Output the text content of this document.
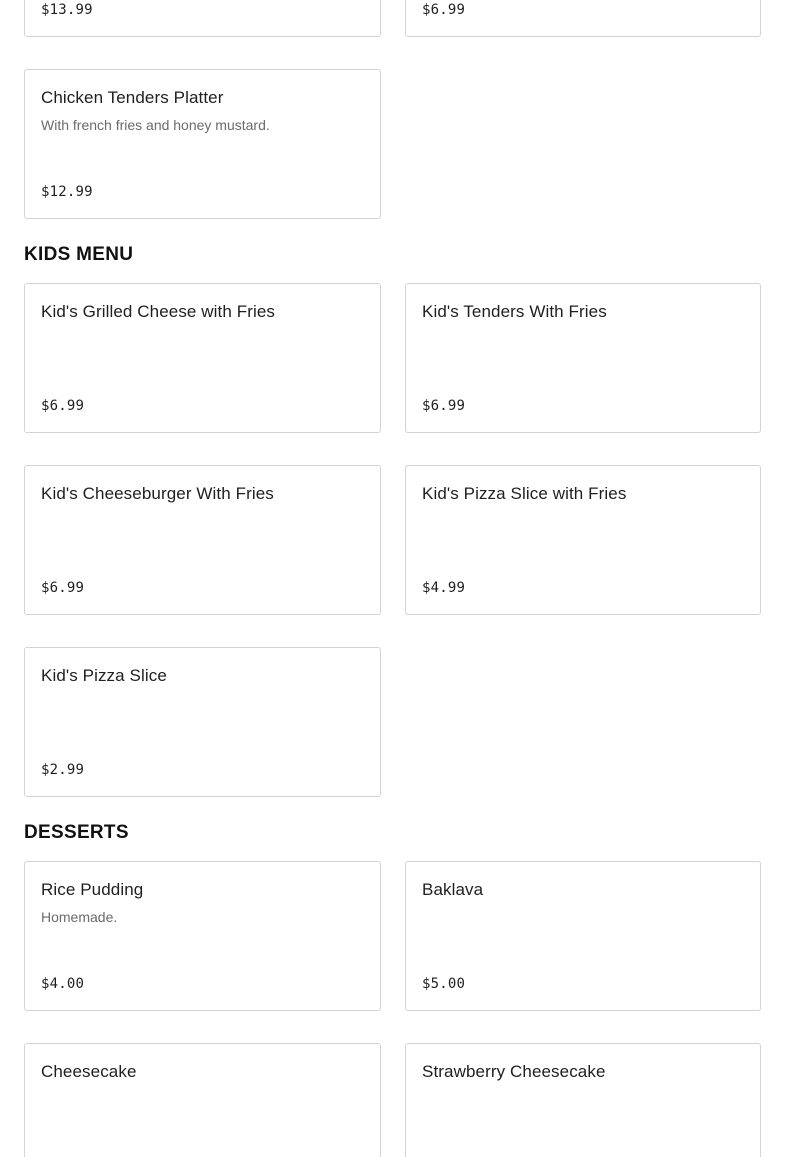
$13.99	$6.99
Chicken Tenders Platter
With french fries and honey mustard.
$12.99
KIDS MENU
Kid's Grilled Cheese with Fries
$6.99
Kid's Tenders With Fries
$6.99
Kid's Cheeseburger With Fries
$6.99
Kid's Pizza Slice with Fries
$4.99
Kid's Pizza Slice
$2.99
DESSERTS
Rice Pudding
Homemade.
$4.00
Baklava
$5.00
Cheesecake	Strawberry Cheesecake
